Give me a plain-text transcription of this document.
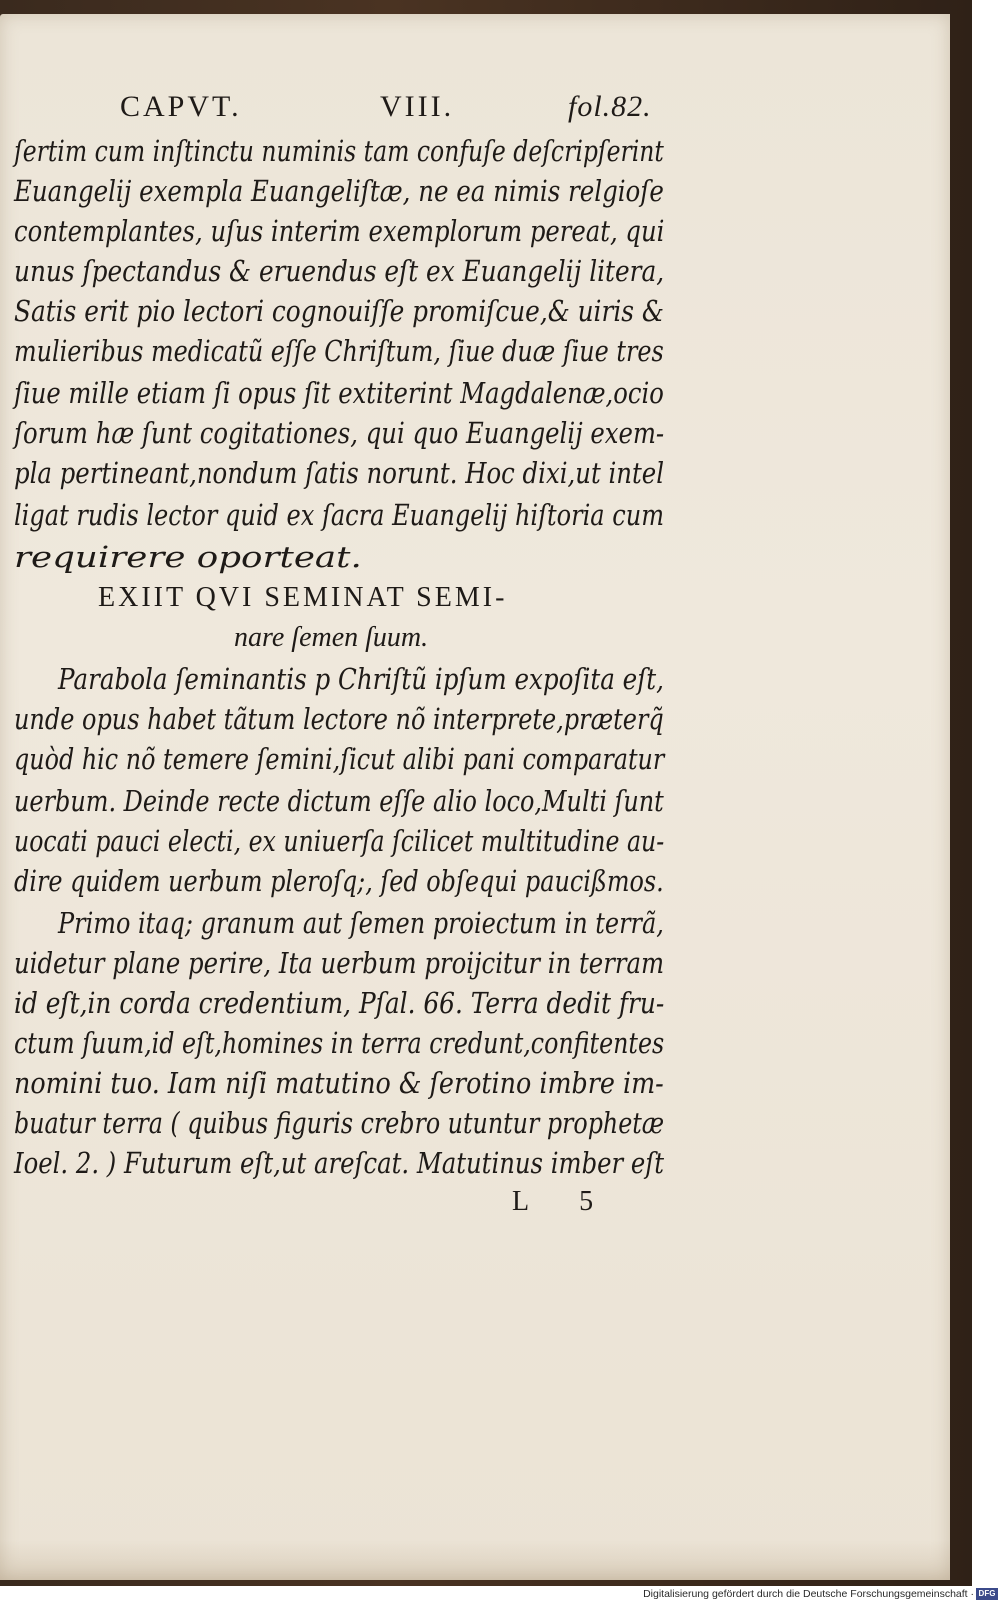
CAPVT.	VIII.	fol.82.
ſertim cum inſtinctu numinis tam confuſe deſcripſerint
Euangelij exempla Euangeliſtæ, ne ea nimis relgioſe
contemplantes, uſus interim exemplorum pereat, qui
unus ſpectandus & eruendus eſt ex Euangelij litera,
Satis erit pio lectori cognouiſſe promiſcue,& uiris &
mulieribus medicatũ eſſe Chriſtum, ſiue duæ ſiue tres
ſiue mille etiam ſi opus ſit extiterint Magdalenæ,ocio
ſorum hæ ſunt cogitationes, qui quo Euangelij exem-
pla pertineant,nondum ſatis norunt. Hoc dixi,ut intel
ligat rudis lector quid ex ſacra Euangelij hiſtoria cum
requirere oporteat.
EXIIT QVI SEMINAT SEMI-
nare ſemen ſuum.
Parabola ſeminantis p Chriſtũ ipſum expoſita eſt,
unde opus habet tãtum lectore nõ interprete,præterq̃
quòd hic nõ temere ſemini,ſicut alibi pani comparatur
uerbum. Deinde recte dictum eſſe alio loco,Multi ſunt
uocati pauci electi, ex uniuerſa ſcilicet multitudine au-
dire quidem uerbum pleroſq;, ſed obſequi paucißmos.
Primo itaq; granum aut ſemen proiectum in terrã,
uidetur plane perire, Ita uerbum proijcitur in terram
id eſt,in corda credentium, Pſal. 66. Terra dedit fru-
ctum ſuum,id eſt,homines in terra credunt,confitentes
nomini tuo. Iam niſi matutino & ſerotino imbre im-
buatur terra ( quibus figuris crebro utuntur prophetæ
Ioel. 2. ) Futurum eſt,ut areſcat. Matutinus imber eſt
L 5
Digitalisierung gefördert durch die Deutsche Forschungsgemeinschaft · DFG
